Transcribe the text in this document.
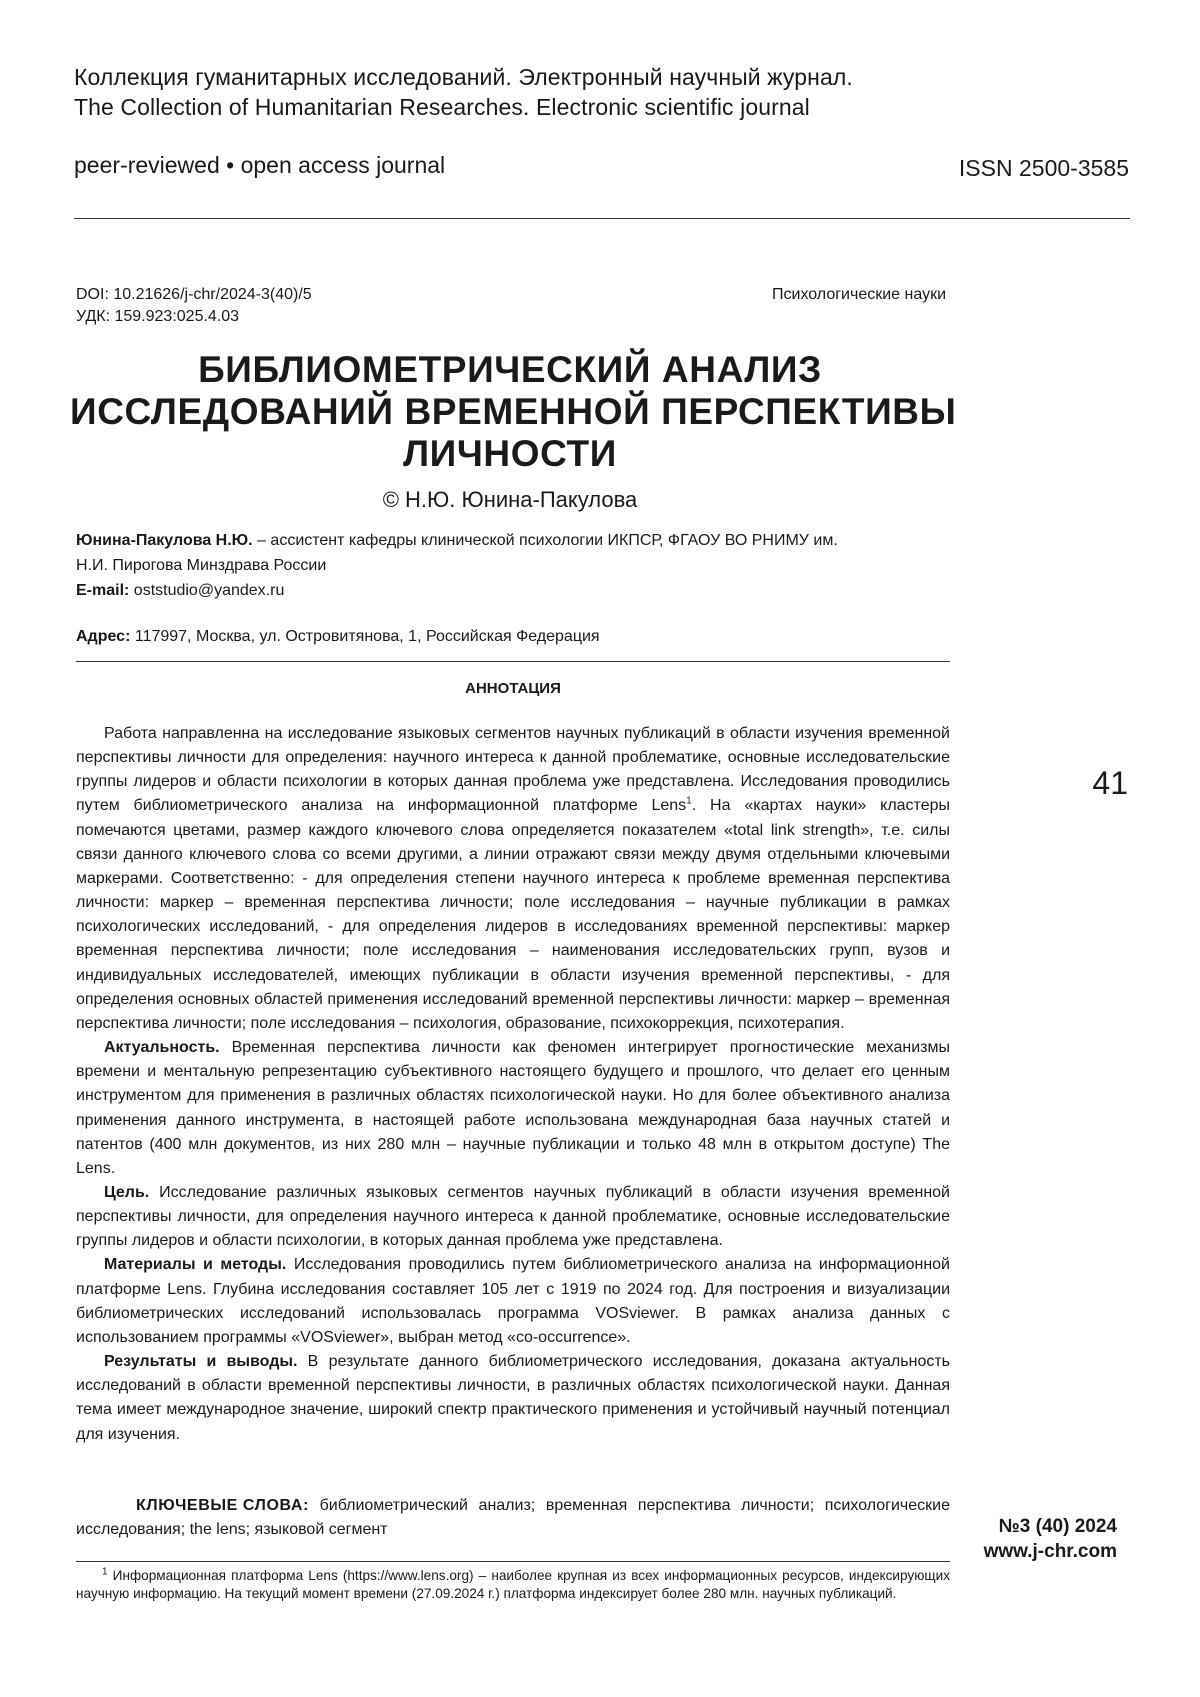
Коллекция гуманитарных исследований. Электронный научный журнал.
The Collection of Humanitarian Researches. Electronic scientific journal
peer-reviewed • open access journal	ISSN 2500-3585
DOI: 10.21626/j-chr/2024-3(40)/5
УДК: 159.923:025.4.03
Психологические науки
БИБЛИОМЕТРИЧЕСКИЙ АНАЛИЗ
ИССЛЕДОВАНИЙ ВРЕМЕННОЙ ПЕРСПЕКТИВЫ
ЛИЧНОСТИ
© Н.Ю. Юнина-Пакулова
Юнина-Пакулова Н.Ю. – ассистент кафедры клинической психологии ИКПСР, ФГАОУ ВО РНИМУ им.
Н.И. Пирогова Минздрава России
E-mail: oststudio@yandex.ru
Адрес: 117997, Москва, ул. Островитянова, 1, Российская Федерация
АННОТАЦИЯ

Работа направленна на исследование языковых сегментов научных публикаций в области изучения временной перспективы личности для определения: научного интереса к данной проблематике, основные исследовательские группы лидеров и области психологии в которых данная проблема уже представлена. Исследования проводились путем библиометрического анализа на информационной платформе Lens$^1$. На «картах науки» кластеры помечаются цветами, размер каждого ключевого слова определяется показателем «total link strength», т.е. силы связи данного ключевого слова со всеми другими, а линии отражают связи между двумя отдельными ключевыми маркерами. Соответственно: - для определения степени научного интереса к проблеме временная перспектива личности: маркер – временная перспектива личности; поле исследования – научные публикации в рамках психологических исследований, - для определения лидеров в исследованиях временной перспективы: маркер временная перспектива личности; поле исследования – наименования исследовательских групп, вузов и индивидуальных исследователей, имеющих публикации в области изучения временной перспективы, - для определения основных областей применения исследований временной перспективы личности: маркер – временная перспектива личности; поле исследования – психология, образование, психокоррекция, психотерапия.

Актуальность. Временная перспектива личности как феномен интегрирует прогностические механизмы времени и ментальную репрезентацию субъективного настоящего будущего и прошлого, что делает его ценным инструментом для применения в различных областях психологической науки. Но для более объективного анализа применения данного инструмента, в настоящей работе использована международная база научных статей и патентов (400 млн документов, из них 280 млн – научные публикации и только 48 млн в открытом доступе) The Lens.

Цель. Исследование различных языковых сегментов научных публикаций в области изучения временной перспективы личности, для определения научного интереса к данной проблематике, основные исследовательские группы лидеров и области психологии, в которых данная проблема уже представлена.

Материалы и методы. Исследования проводились путем библиометрического анализа на информационной платформе Lens. Глубина исследования составляет 105 лет с 1919 по 2024 год. Для построения и визуализации библиометрических исследований использовалась программа VOSviewer. В рамках анализа данных с использованием программы «VOSviewer», выбран метод «co-occurrence».

Результаты и выводы. В результате данного библиометрического исследования, доказана актуальность исследований в области временной перспективы личности, в различных областях психологической науки. Данная тема имеет международное значение, широкий спектр практического применения и устойчивый научный потенциал для изучения.

КЛЮЧЕВЫЕ СЛОВА: библиометрический анализ; временная перспектива личности; психологические исследования; the lens; языковой сегмент
$^1$ Информационная платформа Lens (https://www.lens.org) – наиболее крупная из всех информационных ресурсов, индексирующих научную информацию. На текущий момент времени (27.09.2024 г.) платформа индексирует более 280 млн. научных публикаций.
41
№3 (40) 2024
www.j-chr.com
